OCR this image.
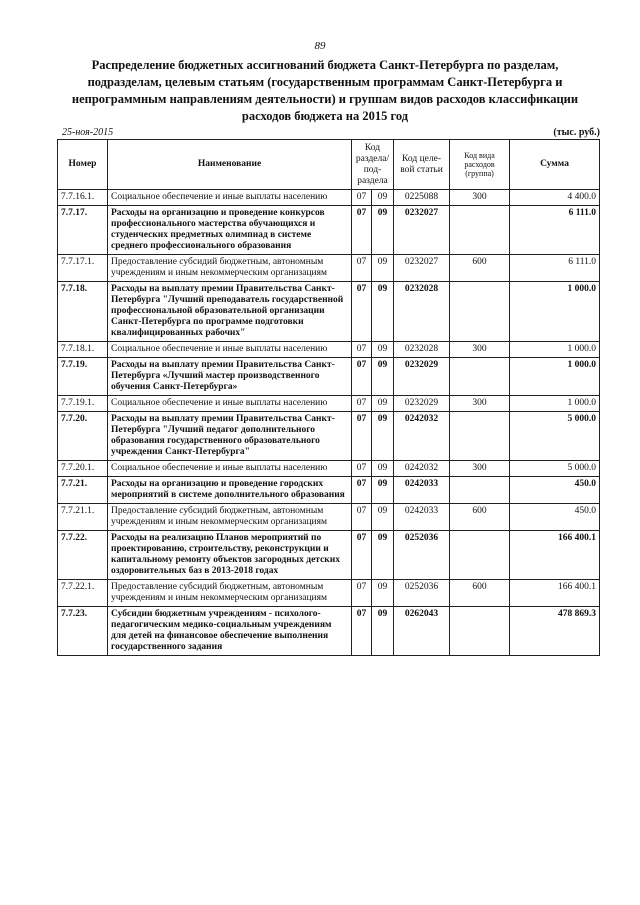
89
Распределение бюджетных ассигнований бюджета Санкт-Петербурга по разделам, подразделам, целевым статьям (государственным программам Санкт-Петербурга и непрограммным направлениям деятельности) и группам видов расходов классификации расходов бюджета на 2015 год
25-ноя-2015	(тыс. руб.)
Номер	Наименование	Код раздела/ под-раздела		Код целе-вой статьи	Код вида расходов (группа)	Сумма
7.7.16.1.	Социальное обеспечение и иные выплаты населению	07	09	0225088	300	4 400.0
7.7.17.	Расходы на организацию и проведение конкурсов профессионального мастерства обучающихся и студенческих предметных олимпиад в системе среднего профессионального образования	07	09	0232027		6 111.0
7.7.17.1.	Предоставление субсидий бюджетным, автономным учреждениям и иным некоммерческим организациям	07	09	0232027	600	6 111.0
7.7.18.	Расходы на выплату премии Правительства Санкт-Петербурга "Лучший преподаватель государственной профессиональной образовательной организации Санкт-Петербурга по программе подготовки квалифицированных рабочих"	07	09	0232028		1 000.0
7.7.18.1.	Социальное обеспечение и иные выплаты населению	07	09	0232028	300	1 000.0
7.7.19.	Расходы на выплату премии Правительства Санкт-Петербурга «Лучший мастер производственного обучения Санкт-Петербурга»	07	09	0232029		1 000.0
7.7.19.1.	Социальное обеспечение и иные выплаты населению	07	09	0232029	300	1 000.0
7.7.20.	Расходы на выплату премии Правительства Санкт-Петербурга "Лучший педагог дополнительного образования государственного образовательного учреждения Санкт-Петербурга"	07	09	0242032		5 000.0
7.7.20.1.	Социальное обеспечение и иные выплаты населению	07	09	0242032	300	5 000.0
7.7.21.	Расходы на организацию и проведение городских мероприятий в системе дополнительного образования	07	09	0242033		450.0
7.7.21.1.	Предоставление субсидий бюджетным, автономным учреждениям и иным некоммерческим организациям	07	09	0242033	600	450.0
7.7.22.	Расходы на реализацию Планов мероприятий по проектированию, строительству, реконструкции и капитальному ремонту объектов загородных детских оздоровительных баз в 2013-2018 годах	07	09	0252036		166 400.1
7.7.22.1.	Предоставление субсидий бюджетным, автономным учреждениям и иным некоммерческим организациям	07	09	0252036	600	166 400.1
7.7.23.	Субсидии бюджетным учреждениям - психолого-педагогическим медико-социальным учреждениям для детей на финансовое обеспечение выполнения государственного задания	07	09	0262043		478 869.3
